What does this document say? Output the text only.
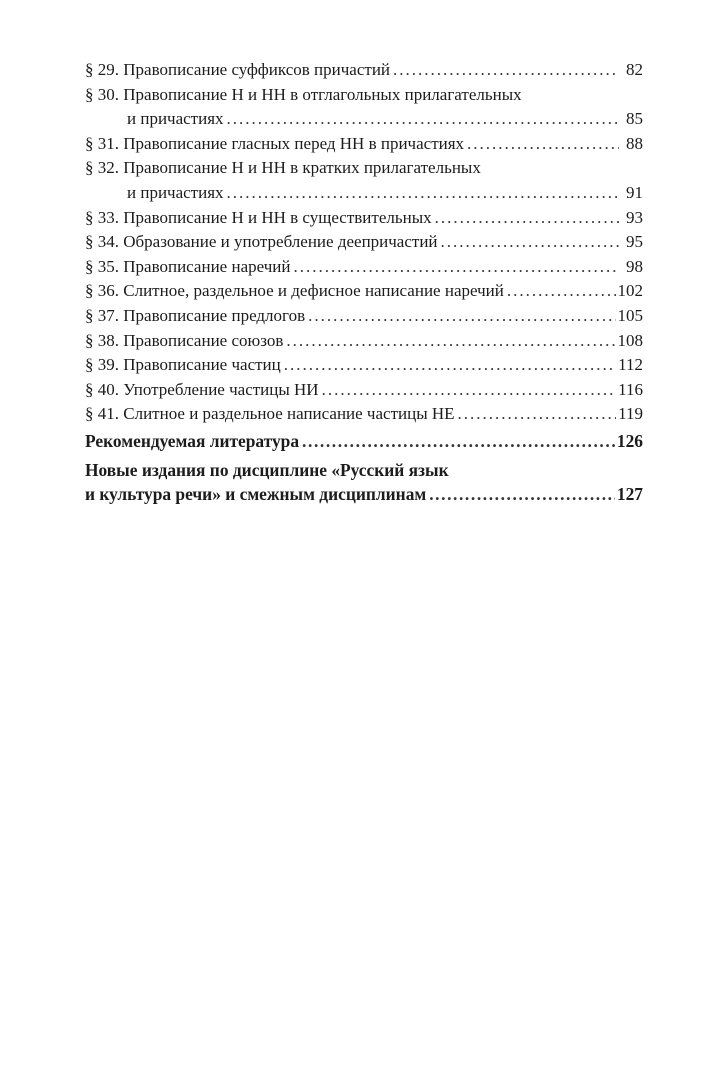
§ 29. Правописание суффиксов причастий .....	82
§ 30. Правописание Н и НН в отглагольных прилагательных
и причастиях .....	85
§ 31. Правописание гласных перед НН в причастиях .....	88
§ 32. Правописание Н и НН в кратких прилагательных
и причастиях .....	91
§ 33. Правописание Н и НН в существительных .....	93
§ 34. Образование и употребление деепричастий .....	95
§ 35. Правописание наречий .....	98
§ 36. Слитное, раздельное и дефисное написание наречий .....	102
§ 37. Правописание предлогов .....	105
§ 38. Правописание союзов .....	108
§ 39. Правописание частиц .....	112
§ 40. Употребление частицы НИ .....	116
§ 41. Слитное и раздельное написание частицы НЕ .....	119
Рекомендуемая литература .....	126
Новые издания по дисциплине «Русский язык
и культура речи» и смежным дисциплинам .....	127
